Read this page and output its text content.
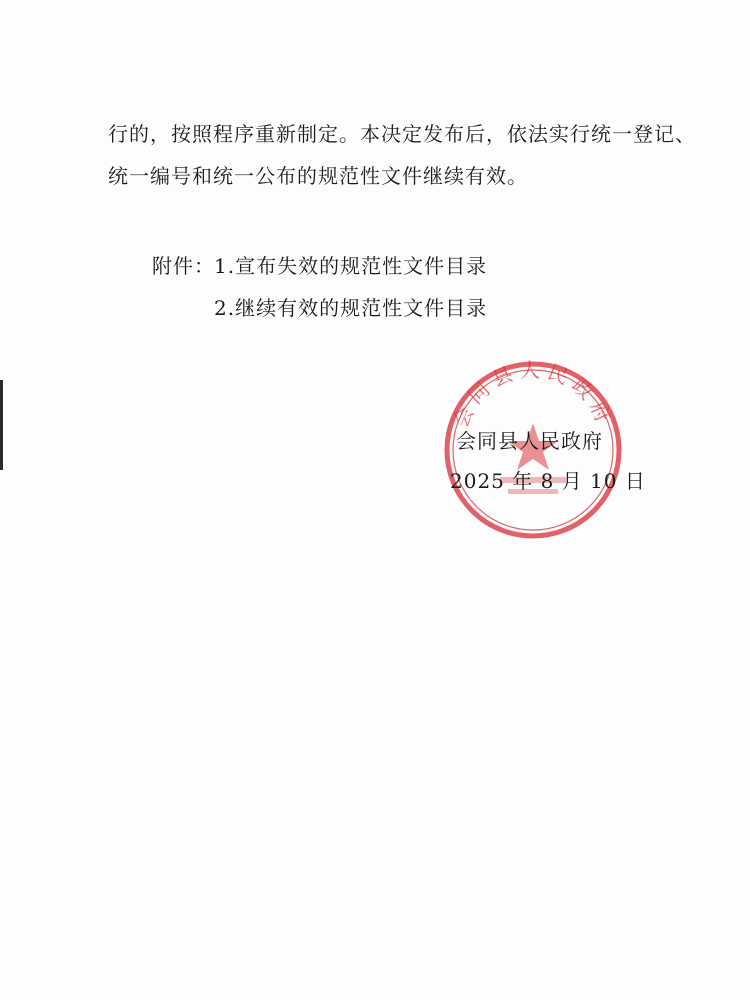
行的，按照程序重新制定。本决定发布后，依法实行统一登记、
统一编号和统一公布的规范性文件继续有效。
附件： 1.宣布失效的规范性文件目录
2.继续有效的规范性文件目录
会同县人民政府
会同县人民政府
2025 年 8 月 10 日
